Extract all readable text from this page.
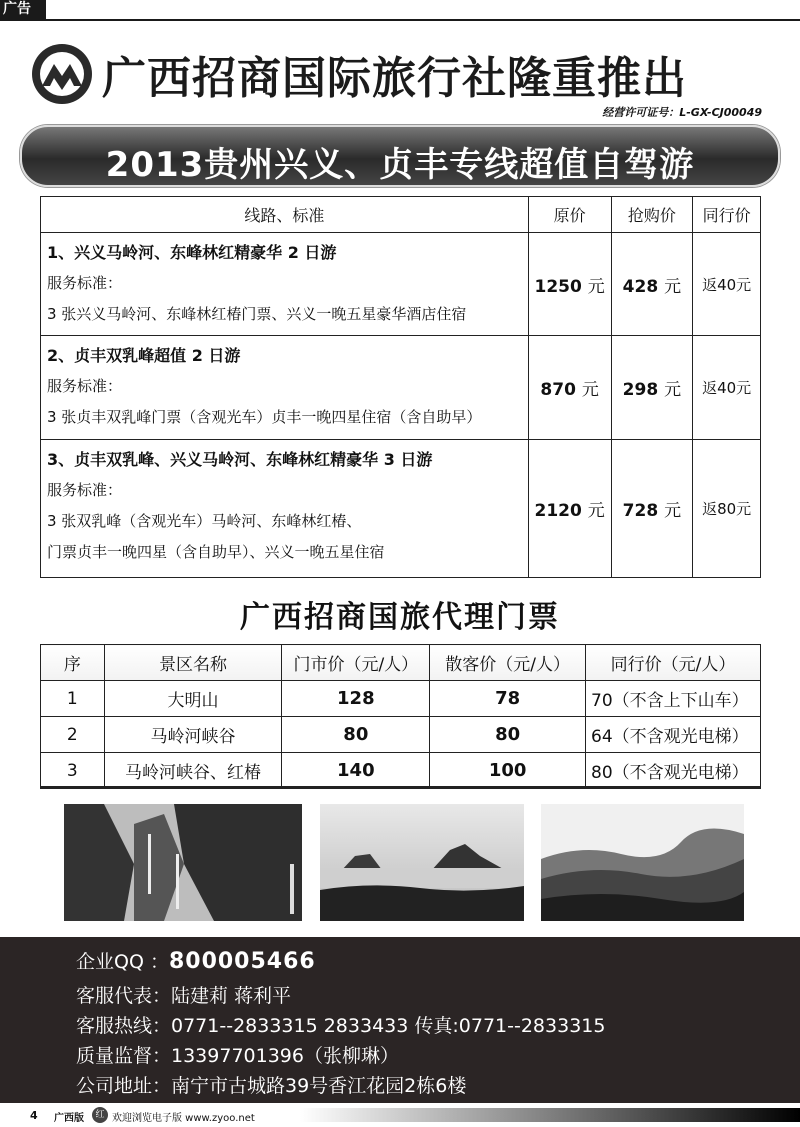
广告
广西招商国际旅行社隆重推出
经营许可证号：L-GX-CJ00049
2013贵州兴义、贞丰专线超值自驾游
线路、标准	原价	抢购价	同行价

1、兴义马岭河、东峰林红精豪华 2 日游
服务标准：
3 张兴义马岭河、东峰林红椿门票、兴义一晚五星豪华酒店住宿	1250 元	428 元	返40元

2、贞丰双乳峰超值 2 日游
服务标准：
3 张贞丰双乳峰门票（含观光车）贞丰一晚四星住宿（含自助早）	870 元	298 元	返40元

3、贞丰双乳峰、兴义马岭河、东峰林红精豪华 3 日游
服务标准：
3 张双乳峰（含观光车）马岭河、东峰林红椿、
门票贞丰一晚四星（含自助早）、兴义一晚五星住宿	2120 元	728 元	返80元
广西招商国旅代理门票
序	景区名称	门市价（元/人）	散客价（元/人）	同行价（元/人）
1	大明山	128	78	70（不含上下山车）
2	马岭河峡谷	80	80	64（不含观光电梯）
3	马岭河峡谷、红椿	140	100	80（不含观光电梯）
企业QQ ：800005466
客服代表：陆建莉 蒋利平
客服热线：0771--2833315 2833433 传真:0771--2833315
质量监督：13397701396（张柳琳）
公司地址：南宁市古城路39号香江花园2栋6楼
4 广西版	红 欢迎浏览电子版 www.zyoo.net
